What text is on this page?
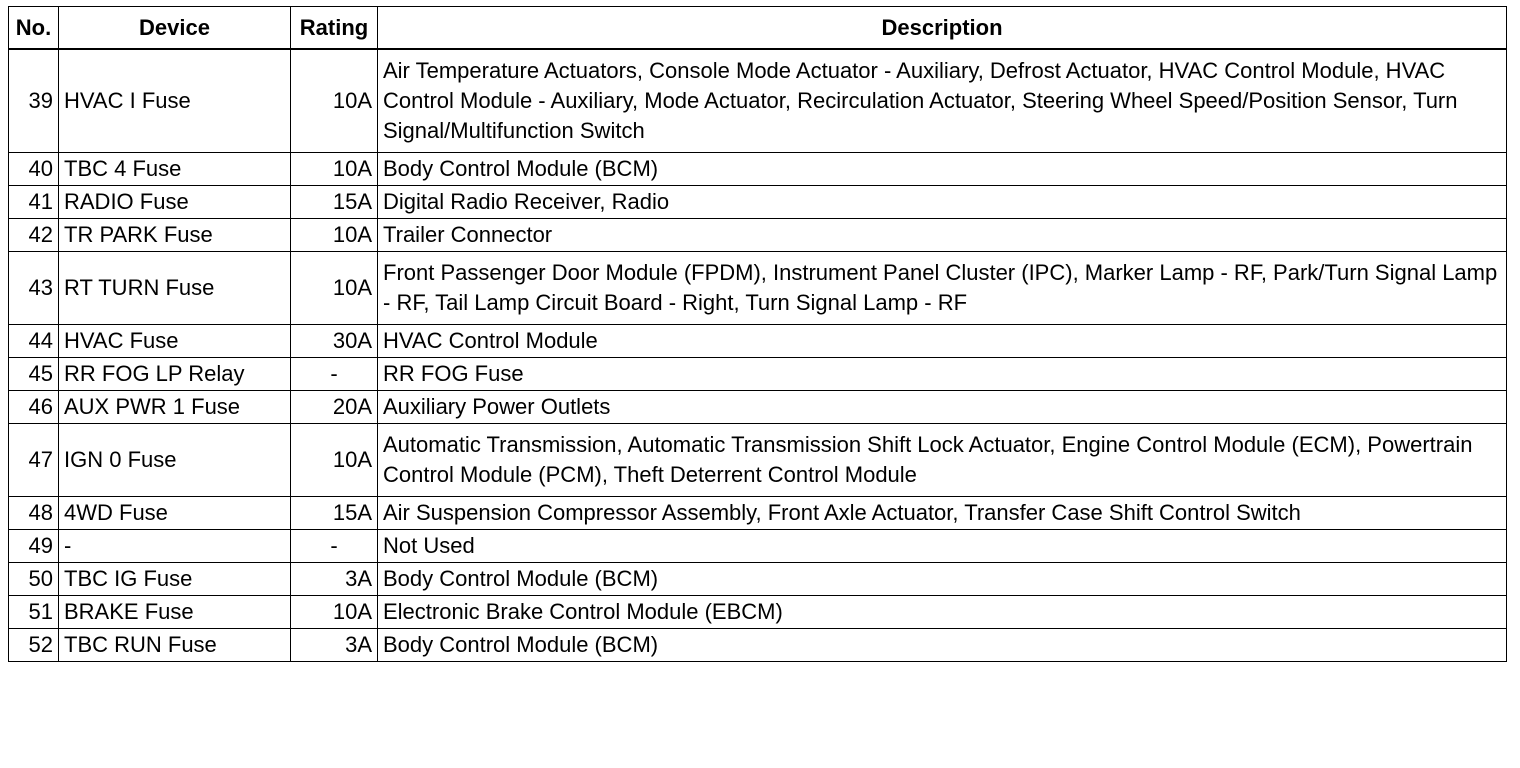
No.	Device	Rating	Description
39	HVAC I Fuse	10A	Air Temperature Actuators, Console Mode Actuator - Auxiliary, Defrost Actuator, HVAC Control Module, HVAC Control Module - Auxiliary, Mode Actuator, Recirculation Actuator, Steering Wheel Speed/Position Sensor, Turn Signal/Multifunction Switch
40	TBC 4 Fuse	10A	Body Control Module (BCM)
41	RADIO Fuse	15A	Digital Radio Receiver, Radio
42	TR PARK Fuse	10A	Trailer Connector
43	RT TURN Fuse	10A	Front Passenger Door Module (FPDM), Instrument Panel Cluster (IPC), Marker Lamp - RF, Park/Turn Signal Lamp - RF, Tail Lamp Circuit Board - Right, Turn Signal Lamp - RF
44	HVAC Fuse	30A	HVAC Control Module
45	RR FOG LP Relay	-	RR FOG Fuse
46	AUX PWR 1 Fuse	20A	Auxiliary Power Outlets
47	IGN 0 Fuse	10A	Automatic Transmission, Automatic Transmission Shift Lock Actuator, Engine Control Module (ECM), Powertrain Control Module (PCM), Theft Deterrent Control Module
48	4WD Fuse	15A	Air Suspension Compressor Assembly, Front Axle Actuator, Transfer Case Shift Control Switch
49	-	-	Not Used
50	TBC IG Fuse	3A	Body Control Module (BCM)
51	BRAKE Fuse	10A	Electronic Brake Control Module (EBCM)
52	TBC RUN Fuse	3A	Body Control Module (BCM)
